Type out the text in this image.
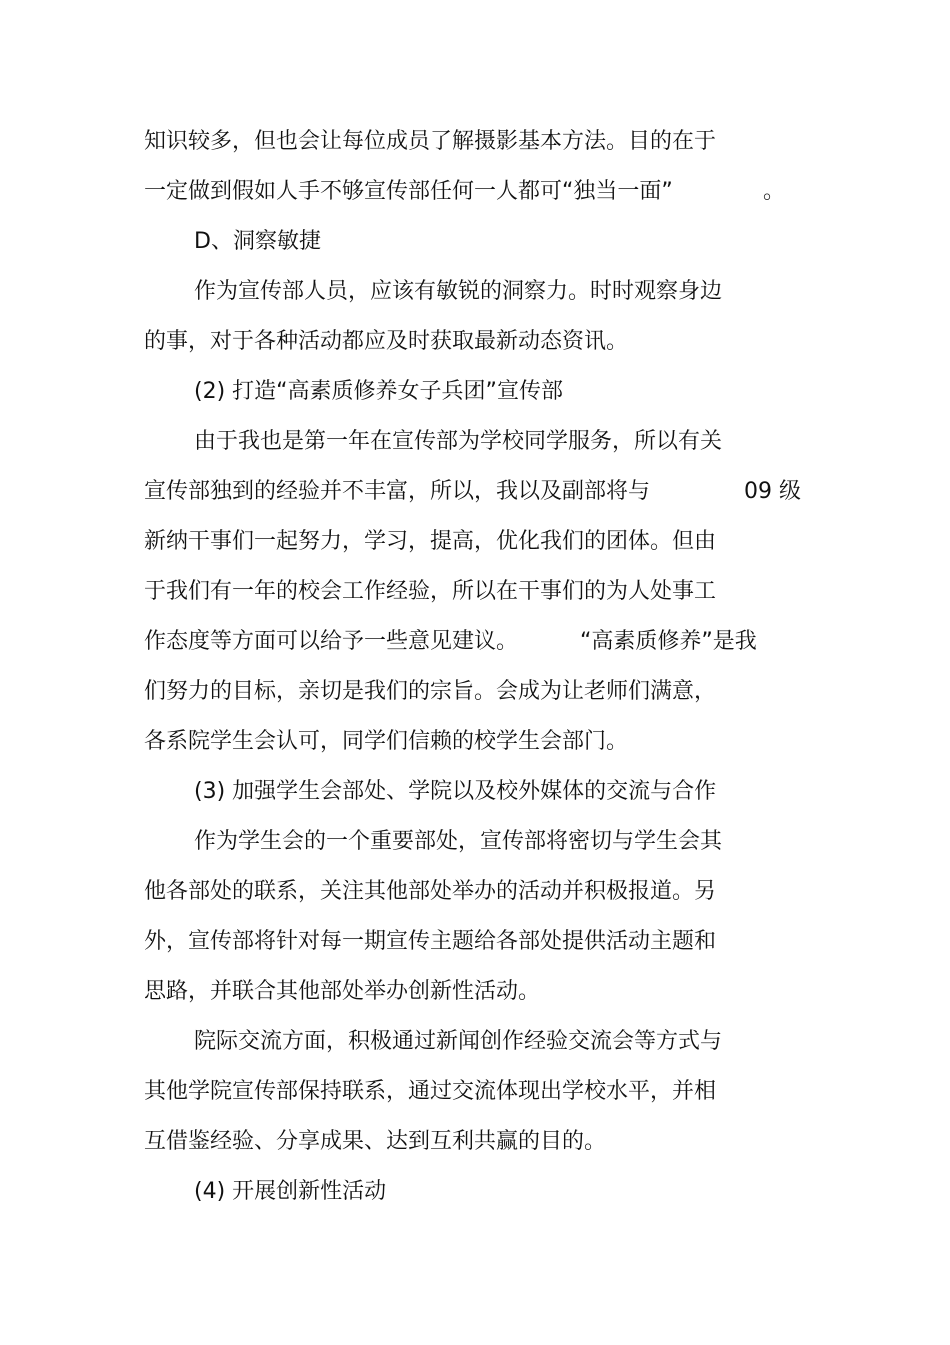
知识较多，但也会让每位成员了解摄影基本方法。目的在于
一定做到假如人手不够宣传部任何一人都可“独当一面”	。
D、洞察敏捷
作为宣传部人员，应该有敏锐的洞察力。时时观察身边
的事，对于各种活动都应及时获取最新动态资讯。
(2) 打造“高素质修养女子兵团”宣传部
由于我也是第一年在宣传部为学校同学服务，所以有关
宣传部独到的经验并不丰富，所以，我以及副部将与	09 级
新纳干事们一起努力，学习，提高，优化我们的团体。但由
于我们有一年的校会工作经验，所以在干事们的为人处事工
作态度等方面可以给予一些意见建议。	“高素质修养”是我
们努力的目标，亲切是我们的宗旨。会成为让老师们满意，
各系院学生会认可，同学们信赖的校学生会部门。
(3) 加强学生会部处、学院以及校外媒体的交流与合作
作为学生会的一个重要部处，宣传部将密切与学生会其
他各部处的联系，关注其他部处举办的活动并积极报道。另
外，宣传部将针对每一期宣传主题给各部处提供活动主题和
思路，并联合其他部处举办创新性活动。
院际交流方面，积极通过新闻创作经验交流会等方式与
其他学院宣传部保持联系，通过交流体现出学校水平，并相
互借鉴经验、分享成果、达到互利共赢的目的。
(4) 开展创新性活动
